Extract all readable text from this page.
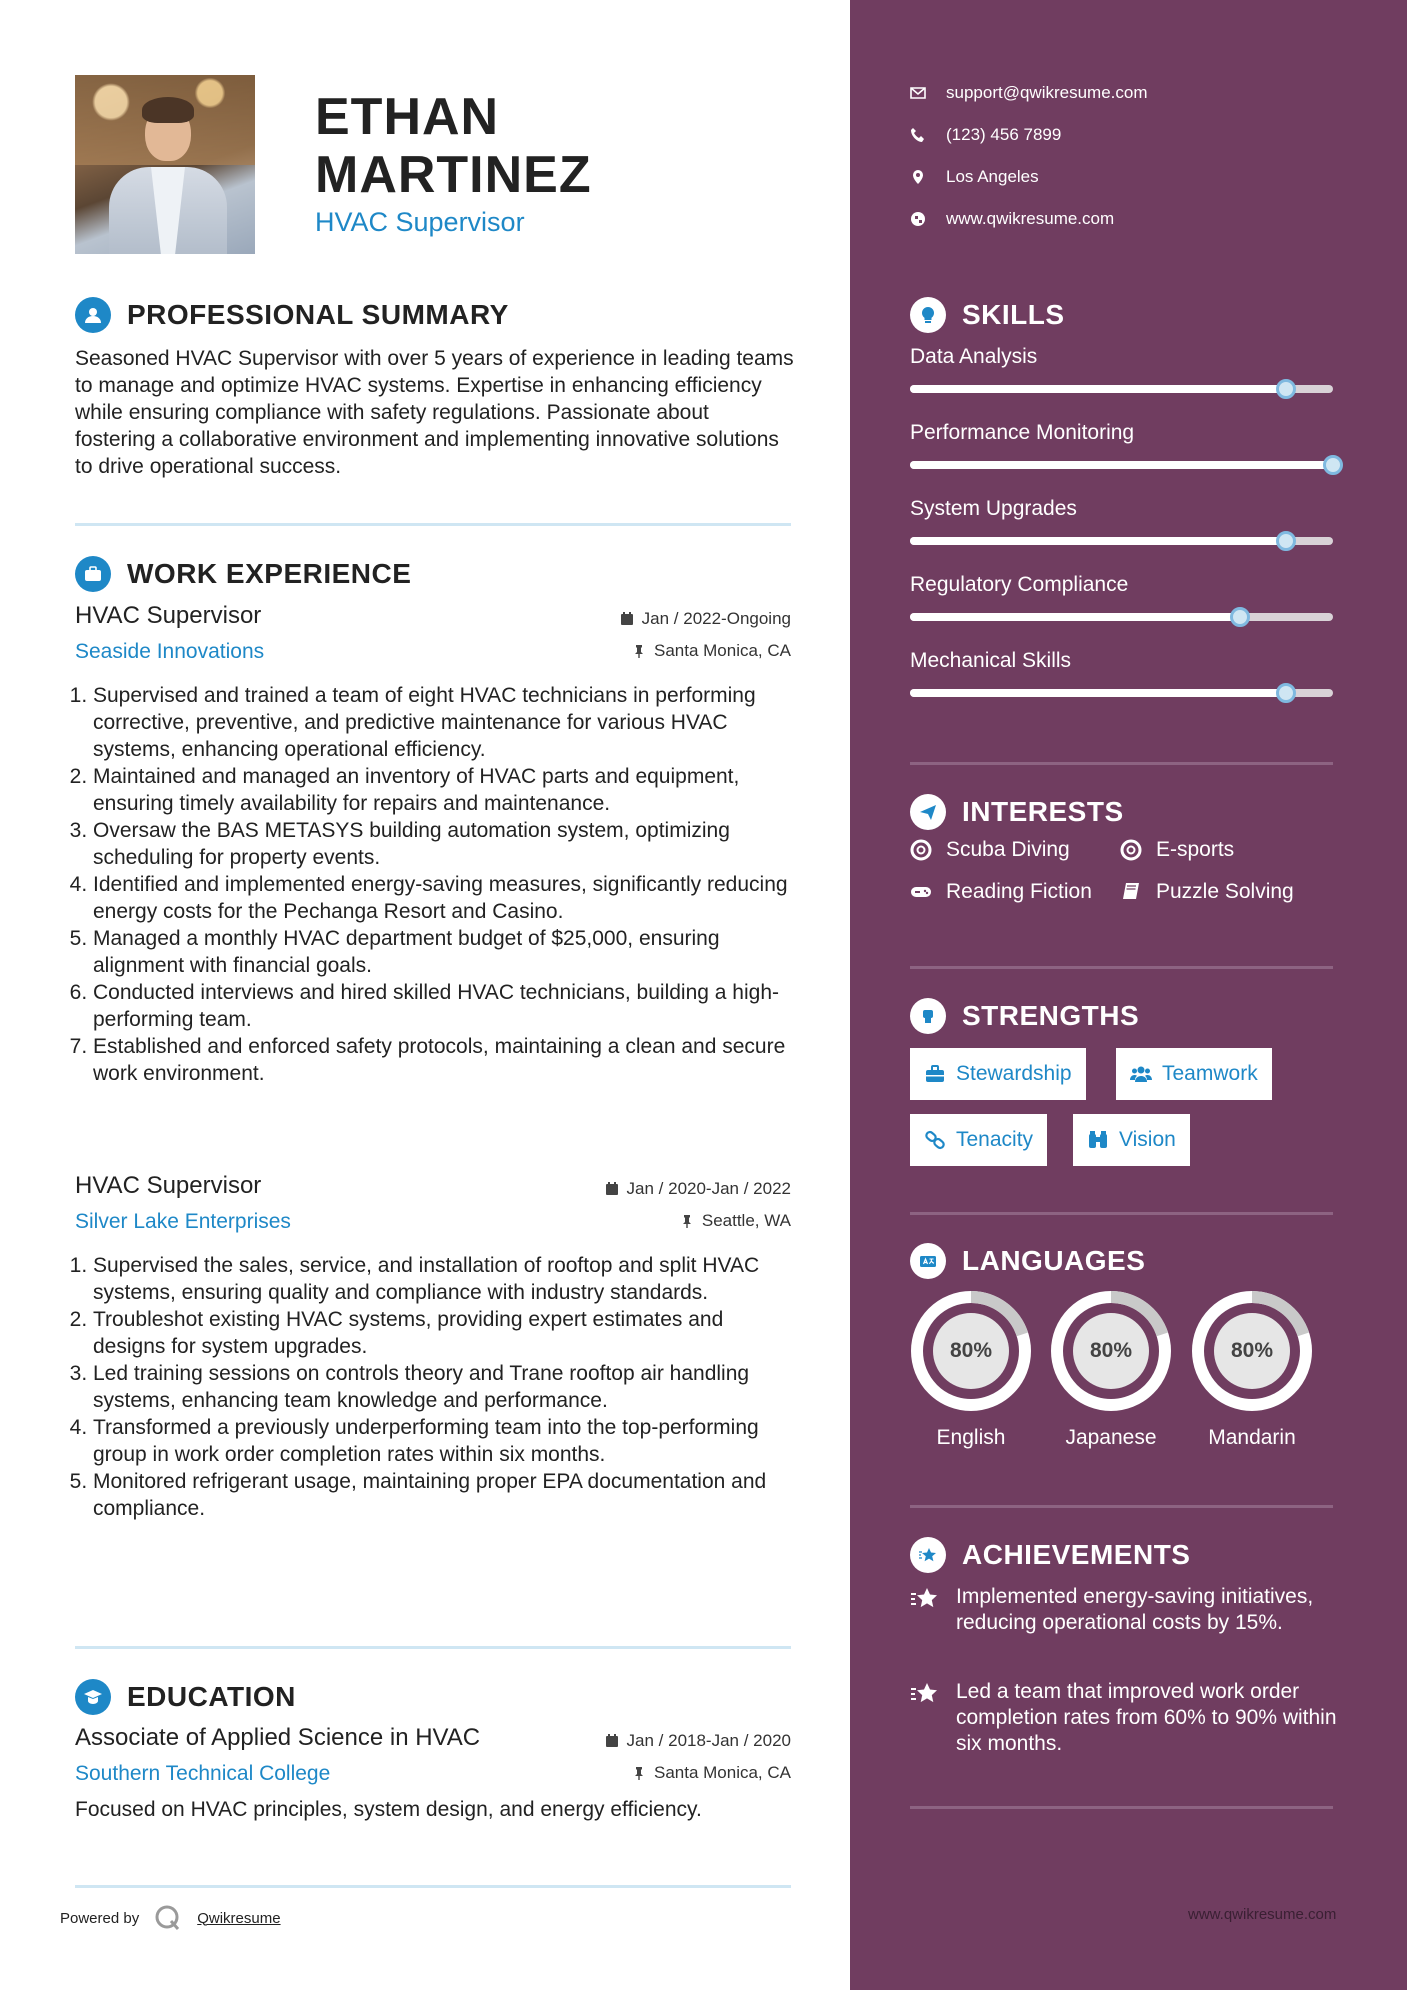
ETHAN
MARTINEZ
HVAC Supervisor
PROFESSIONAL SUMMARY
Seasoned HVAC Supervisor with over 5 years of experience in leading teams to manage and optimize HVAC systems. Expertise in enhancing efficiency while ensuring compliance with safety regulations. Passionate about fostering a collaborative environment and implementing innovative solutions to drive operational success.
WORK EXPERIENCE
HVAC Supervisor
Seaside Innovations
Jan / 2022-Ongoing
Santa Monica, CA
1. Supervised and trained a team of eight HVAC technicians in performing corrective, preventive, and predictive maintenance for various HVAC systems, enhancing operational efficiency.
2. Maintained and managed an inventory of HVAC parts and equipment, ensuring timely availability for repairs and maintenance.
3. Oversaw the BAS METASYS building automation system, optimizing scheduling for property events.
4. Identified and implemented energy-saving measures, significantly reducing energy costs for the Pechanga Resort and Casino.
5. Managed a monthly HVAC department budget of $25,000, ensuring alignment with financial goals.
6. Conducted interviews and hired skilled HVAC technicians, building a high-performing team.
7. Established and enforced safety protocols, maintaining a clean and secure work environment.
HVAC Supervisor
Silver Lake Enterprises
Jan / 2020-Jan / 2022
Seattle, WA
1. Supervised the sales, service, and installation of rooftop and split HVAC systems, ensuring quality and compliance with industry standards.
2. Troubleshot existing HVAC systems, providing expert estimates and designs for system upgrades.
3. Led training sessions on controls theory and Trane rooftop air handling systems, enhancing team knowledge and performance.
4. Transformed a previously underperforming team into the top-performing group in work order completion rates within six months.
5. Monitored refrigerant usage, maintaining proper EPA documentation and compliance.
EDUCATION
Associate of Applied Science in HVAC
Southern Technical College
Jan / 2018-Jan / 2020
Santa Monica, CA
Focused on HVAC principles, system design, and energy efficiency.
Powered by	Qwikresume
support@qwikresume.com
(123) 456 7899
Los Angeles
www.qwikresume.com
SKILLS
Data Analysis
Performance Monitoring
System Upgrades
Regulatory Compliance
Mechanical Skills
INTERESTS
Scuba Diving	E-sports
Reading Fiction	Puzzle Solving
STRENGTHS
Stewardship	Teamwork
Tenacity	Vision
LANGUAGES
80%
English
80%
Japanese
80%
Mandarin
ACHIEVEMENTS
Implemented energy-saving initiatives, reducing operational costs by 15%.
Led a team that improved work order completion rates from 60% to 90% within six months.
www.qwikresume.com
